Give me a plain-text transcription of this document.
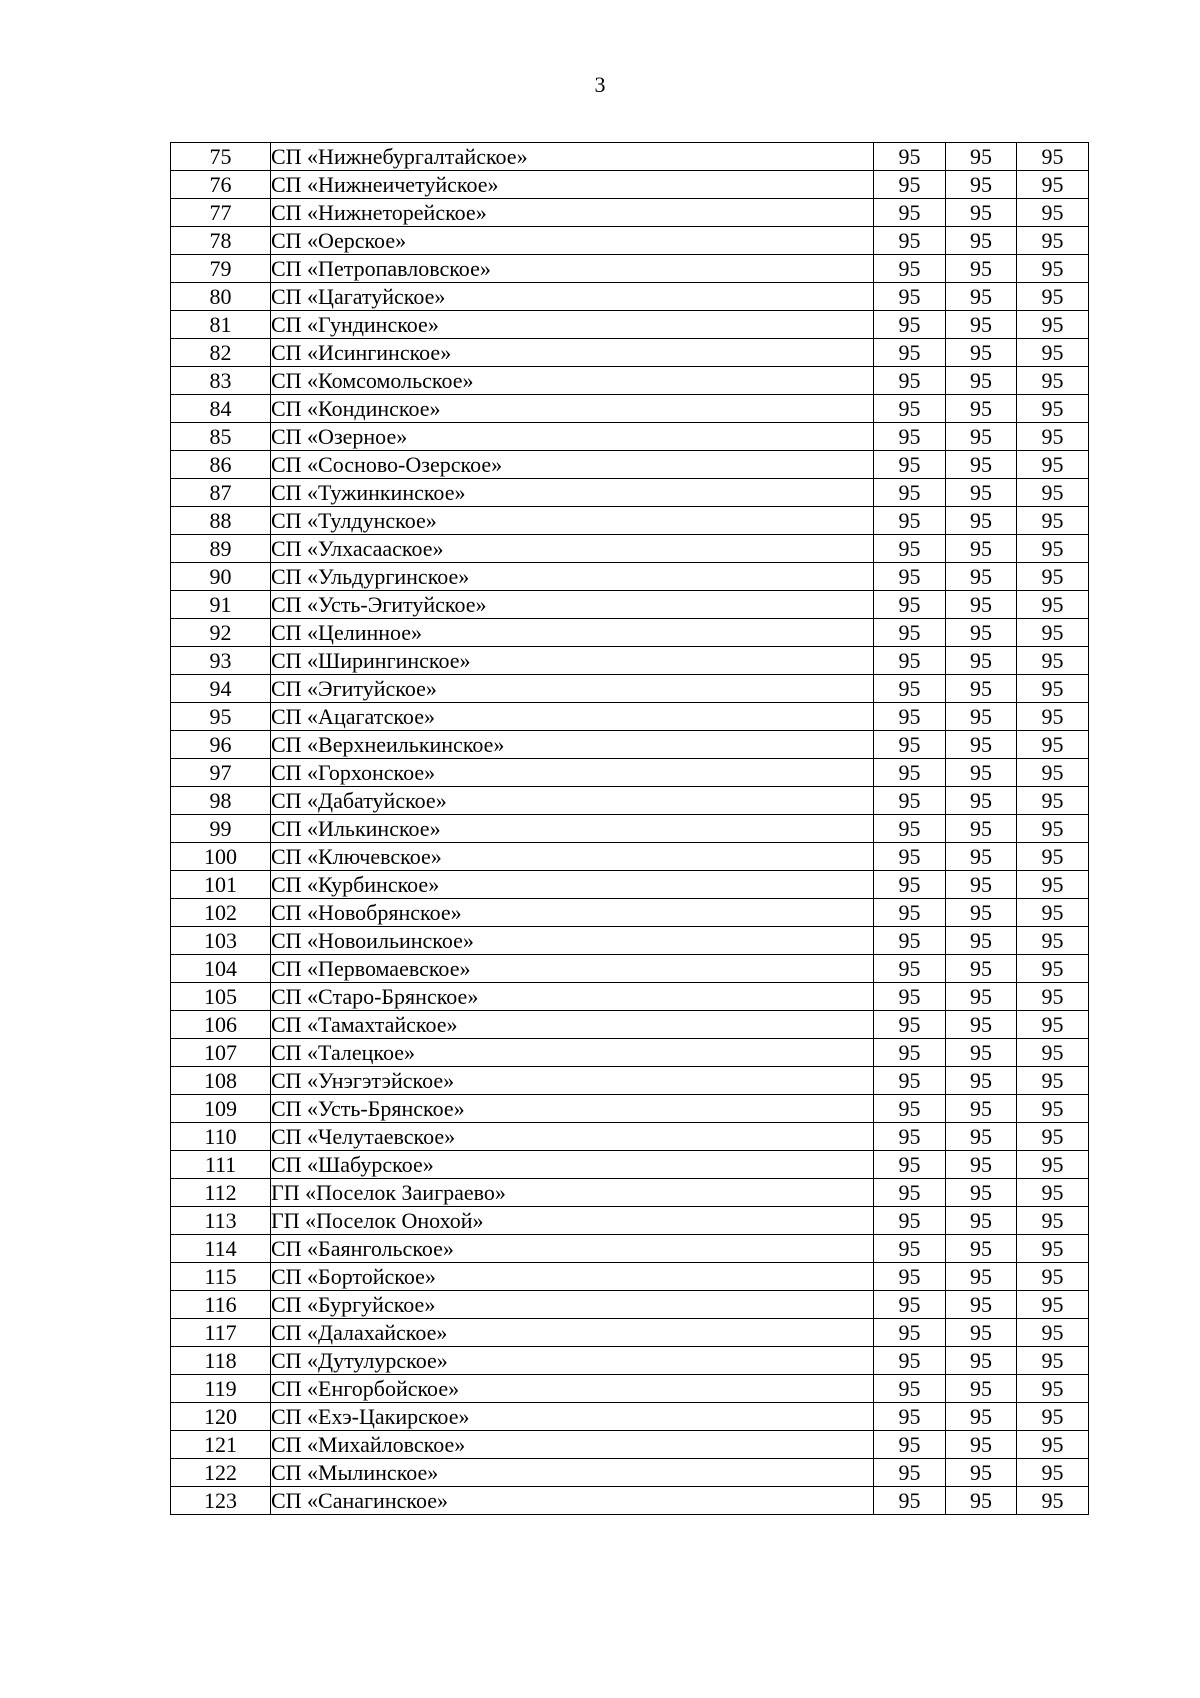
3
75	СП «Нижнебургалтайское»	95	95	95
76	СП «Нижнеичетуйское»	95	95	95
77	СП «Нижнеторейское»	95	95	95
78	СП «Оерское»	95	95	95
79	СП «Петропавловское»	95	95	95
80	СП «Цагатуйское»	95	95	95
81	СП «Гундинское»	95	95	95
82	СП «Исингинское»	95	95	95
83	СП «Комсомольское»	95	95	95
84	СП «Кондинское»	95	95	95
85	СП «Озерное»	95	95	95
86	СП «Сосново-Озерское»	95	95	95
87	СП «Тужинкинское»	95	95	95
88	СП «Тулдунское»	95	95	95
89	СП «Улхасаaское»	95	95	95
90	СП «Ульдургинское»	95	95	95
91	СП «Усть-Эгитуйское»	95	95	95
92	СП «Целинное»	95	95	95
93	СП «Ширингинское»	95	95	95
94	СП «Эгитуйское»	95	95	95
95	СП «Ацагатское»	95	95	95
96	СП «Верхнеилькинское»	95	95	95
97	СП «Горхонское»	95	95	95
98	СП «Дабатуйское»	95	95	95
99	СП «Илькинское»	95	95	95
100	СП «Ключевское»	95	95	95
101	СП «Курбинское»	95	95	95
102	СП «Новобрянское»	95	95	95
103	СП «Новоильинское»	95	95	95
104	СП «Первомаевское»	95	95	95
105	СП «Старо-Брянское»	95	95	95
106	СП «Тамахтайское»	95	95	95
107	СП «Талецкое»	95	95	95
108	СП «Унэгэтэйское»	95	95	95
109	СП «Усть-Брянское»	95	95	95
110	СП «Челутаевское»	95	95	95
111	СП «Шабурское»	95	95	95
112	ГП «Поселок Заиграево»	95	95	95
113	ГП «Поселок Онохой»	95	95	95
114	СП «Баянгольское»	95	95	95
115	СП «Бортойское»	95	95	95
116	СП «Бургуйское»	95	95	95
117	СП «Далахайское»	95	95	95
118	СП «Дутулурское»	95	95	95
119	СП «Енгорбойское»	95	95	95
120	СП «Ехэ-Цакирское»	95	95	95
121	СП «Михайловское»	95	95	95
122	СП «Мылинское»	95	95	95
123	СП «Санагинское»	95	95	95
